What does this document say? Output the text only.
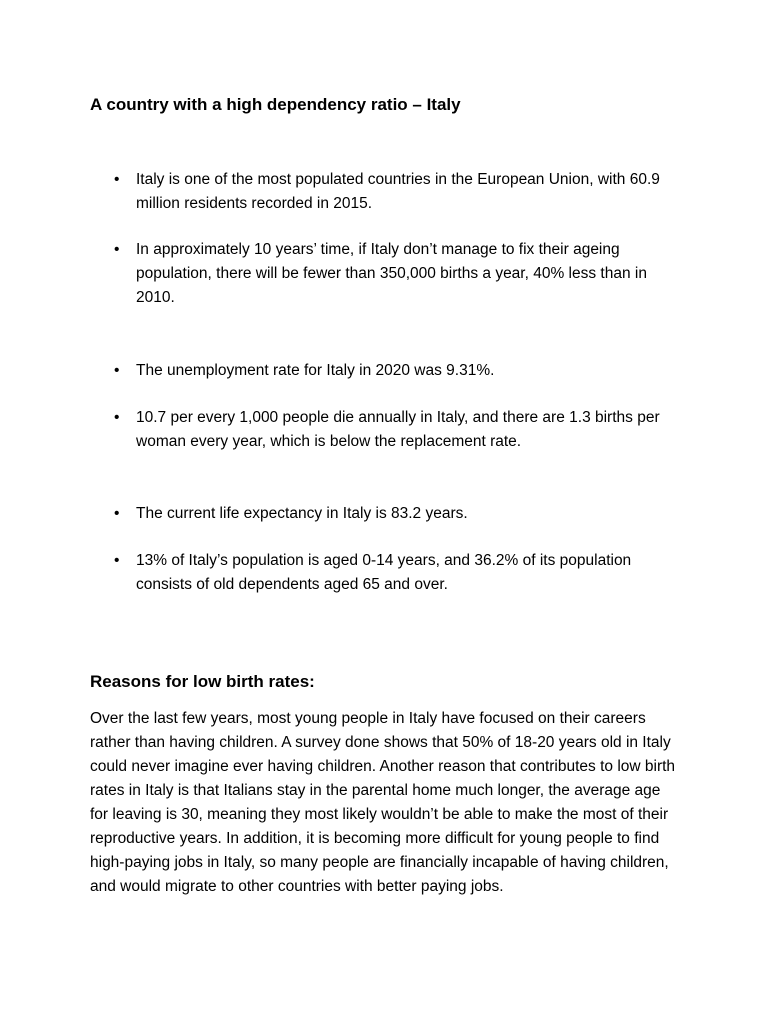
A country with a high dependency ratio – Italy
• Italy is one of the most populated countries in the European Union, with 60.9 million residents recorded in 2015.
• In approximately 10 years’ time, if Italy don’t manage to fix their ageing population, there will be fewer than 350,000 births a year, 40% less than in 2010.
• The unemployment rate for Italy in 2020 was 9.31%.
• 10.7 per every 1,000 people die annually in Italy, and there are 1.3 births per woman every year, which is below the replacement rate.
• The current life expectancy in Italy is 83.2 years.
• 13% of Italy’s population is aged 0-14 years, and 36.2% of its population consists of old dependents aged 65 and over.
Reasons for low birth rates:

Over the last few years, most young people in Italy have focused on their careers rather than having children. A survey done shows that 50% of 18-20 years old in Italy could never imagine ever having children. Another reason that contributes to low birth rates in Italy is that Italians stay in the parental home much longer, the average age for leaving is 30, meaning they most likely wouldn’t be able to make the most of their reproductive years. In addition, it is becoming more difficult for young people to find high-paying jobs in Italy, so many people are financially incapable of having children, and would migrate to other countries with better paying jobs.
